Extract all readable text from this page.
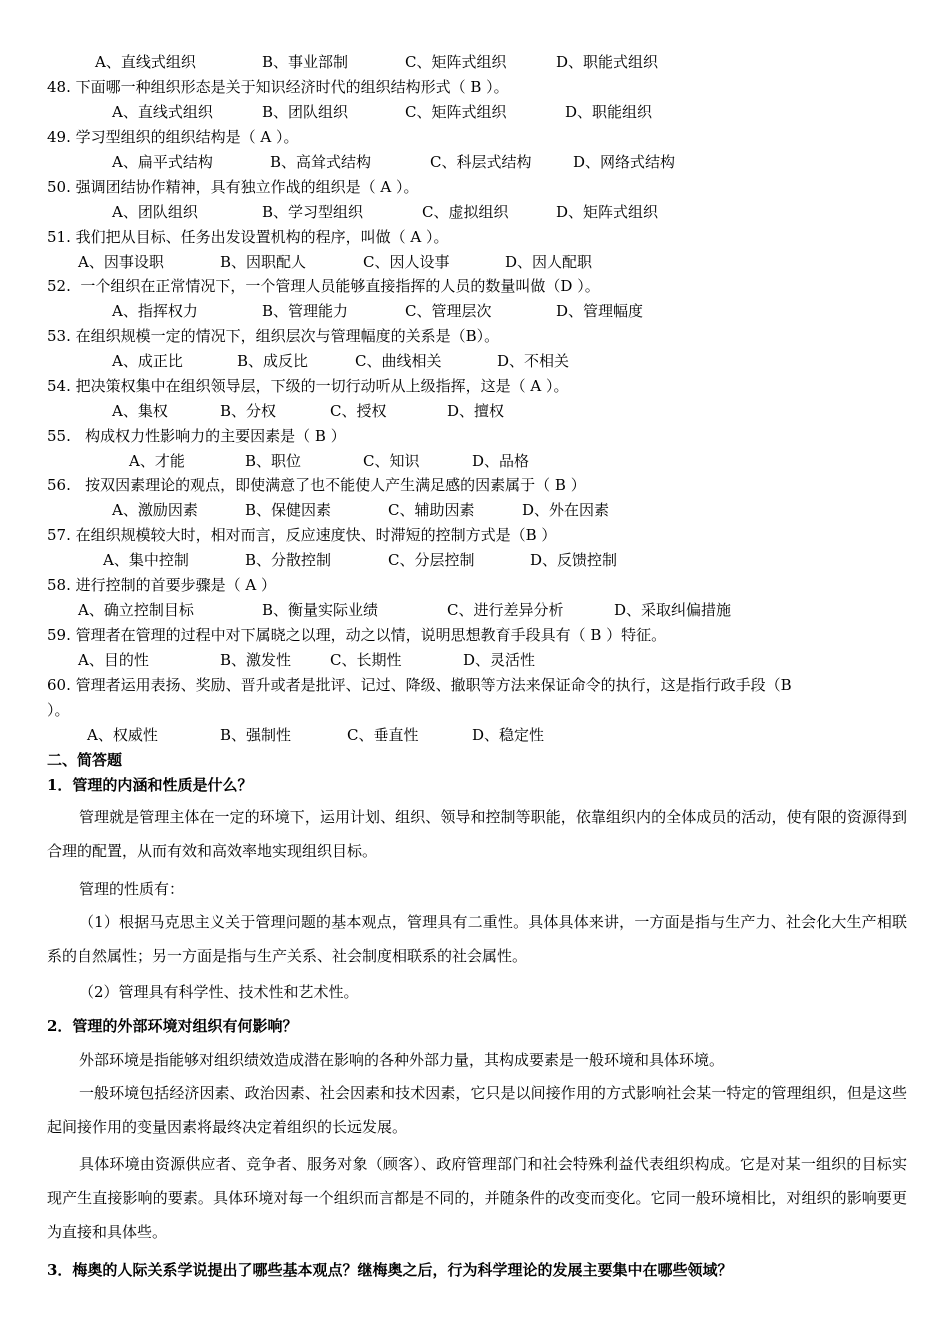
A、直线式组织	B、事业部制	C、矩阵式组织	D、职能式组织
48. 下面哪一种组织形态是关于知识经济时代的组织结构形式（ B ）。
A、直线式组织	B、团队组织	C、矩阵式组织	D、职能组织
49. 学习型组织的组织结构是（ A ）。
A、扁平式结构	B、高耸式结构	C、科层式结构	D、网络式结构
50. 强调团结协作精神，具有独立作战的组织是（ A ）。
A、团队组织	B、学习型组织	C、虚拟组织	D、矩阵式组织
51. 我们把从目标、任务出发设置机构的程序，叫做（ A ）。
A、因事设职	B、因职配人	C、因人设事	D、因人配职
52.  一个组织在正常情况下，一个管理人员能够直接指挥的人员的数量叫做（D ）。
A、指挥权力	B、管理能力	C、管理层次	D、管理幅度
53. 在组织规模一定的情况下，组织层次与管理幅度的关系是（B）。
A、成正比	B、成反比	C、曲线相关	D、不相关
54. 把决策权集中在组织领导层，下级的一切行动听从上级指挥，这是（ A ）。
A、集权	B、分权	C、授权	D、擅权
55.   构成权力性影响力的主要因素是（ B ）
A、才能	B、职位	C、知识	D、品格
56.   按双因素理论的观点，即使满意了也不能使人产生满足感的因素属于（ B ）
A、激励因素	B、保健因素	C、辅助因素	D、外在因素
57. 在组织规模较大时，相对而言，反应速度快、时滞短的控制方式是（B ）
A、集中控制	B、分散控制	C、分层控制	D、反馈控制
58. 进行控制的首要步骤是（ A ）
A、确立控制目标	B、衡量实际业绩	C、进行差异分析	D、采取纠偏措施
59. 管理者在管理的过程中对下属晓之以理，动之以情，说明思想教育手段具有（ B ）特征。
A、目的性	B、激发性	C、长期性	D、灵活性
60. 管理者运用表扬、奖励、晋升或者是批评、记过、降级、撤职等方法来保证命令的执行，这是指行政手段（B
）。
A、权威性	B、强制性	C、垂直性	D、稳定性
二、简答题
1．管理的内涵和性质是什么？
管理就是管理主体在一定的环境下，运用计划、组织、领导和控制等职能，依靠组织内的全体成员的活动，使有限的资源得到合理的配置，从而有效和高效率地实现组织目标。
管理的性质有：
（1）根据马克思主义关于管理问题的基本观点，管理具有二重性。具体具体来讲，一方面是指与生产力、社会化大生产相联系的自然属性；另一方面是指与生产关系、社会制度相联系的社会属性。
（2）管理具有科学性、技术性和艺术性。
2．管理的外部环境对组织有何影响？
外部环境是指能够对组织绩效造成潜在影响的各种外部力量，其构成要素是一般环境和具体环境。
一般环境包括经济因素、政治因素、社会因素和技术因素，它只是以间接作用的方式影响社会某一特定的管理组织，但是这些起间接作用的变量因素将最终决定着组织的长远发展。
具体环境由资源供应者、竞争者、服务对象（顾客）、政府管理部门和社会特殊利益代表组织构成。它是对某一组织的目标实现产生直接影响的要素。具体环境对每一个组织而言都是不同的，并随条件的改变而变化。它同一般环境相比，对组织的影响要更为直接和具体些。
3．梅奥的人际关系学说提出了哪些基本观点？继梅奥之后，行为科学理论的发展主要集中在哪些领域？
